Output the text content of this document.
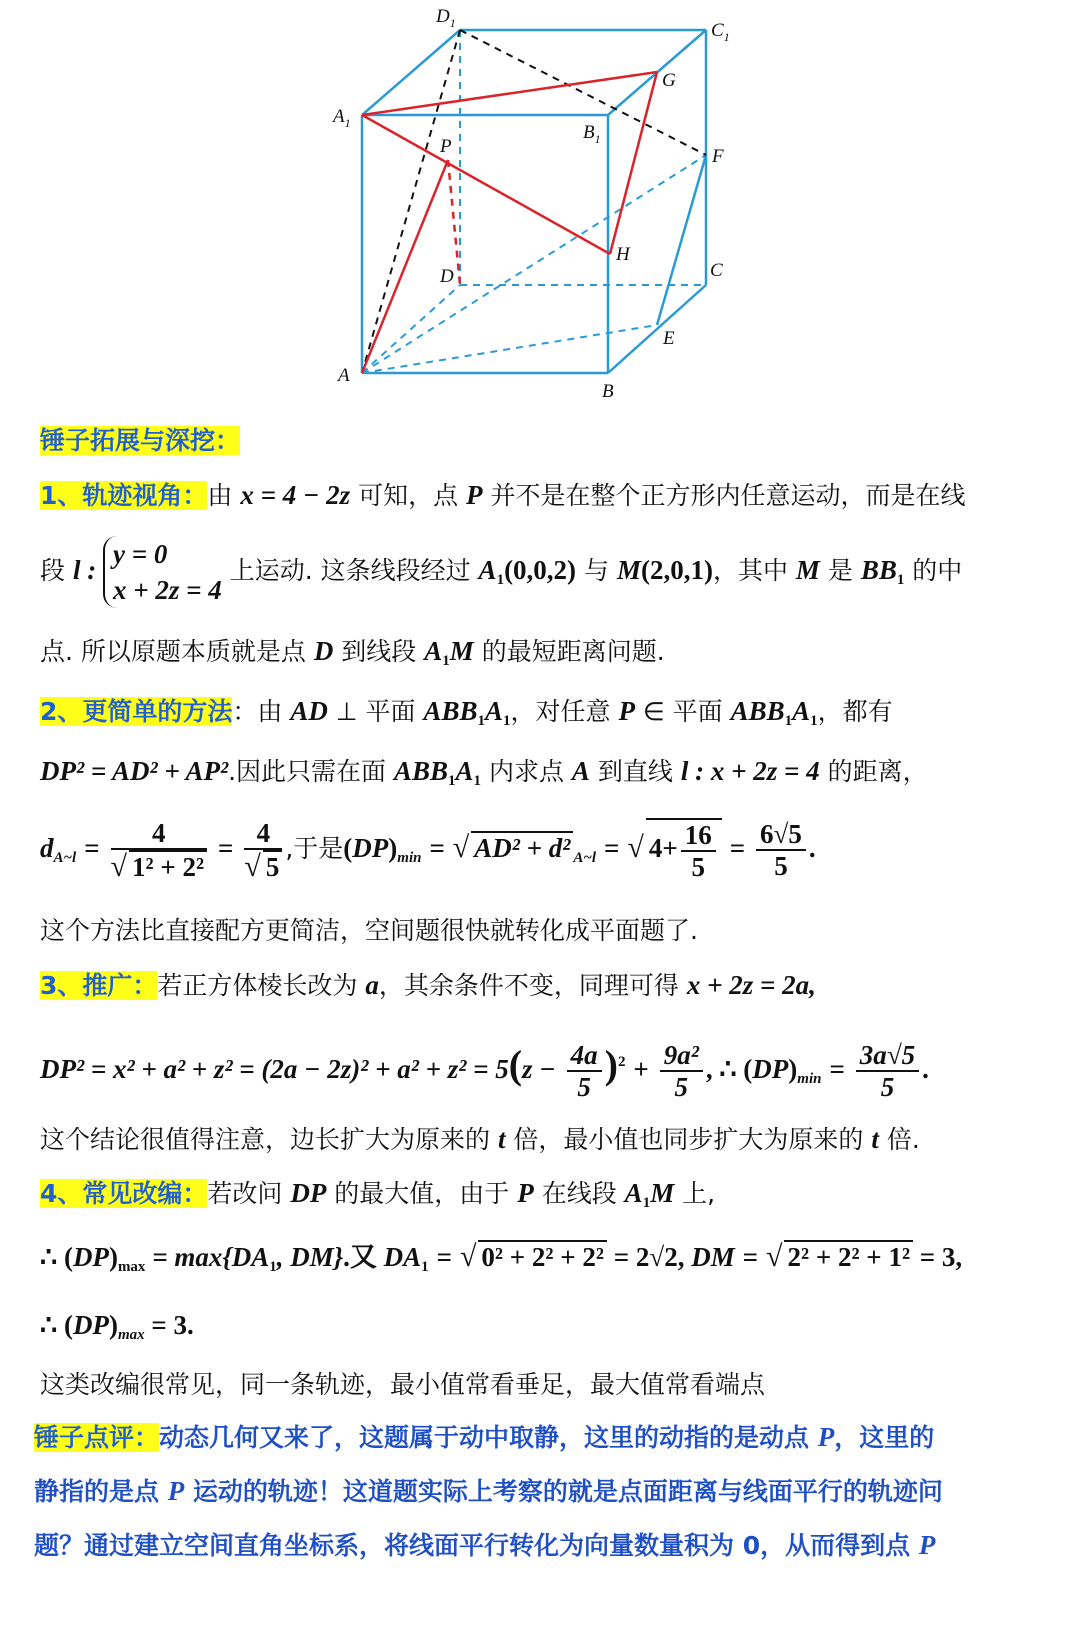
$D_1$	$C_1$
$A_1$	$B_1$
G
F
P
H
D	C
E
A
B
锤子拓展与深挖：
1、轨迹视角：由 x = 4 − 2z 可知，点 P 并不是在整个正方形内任意运动，而是在线
段 l :
y = 0
x + 2z = 4
上运动. 这条线段经过 $A_1(0,0,2)$ 与 M(2,0,1)，其中 M 是 $BB_1$ 的中
点. 所以原题本质就是点 D 到线段 $A_1M$ 的最短距离问题.
2、更简单的方法：由 AD ⊥ 平面 $ABB_1A_1$，对任意 P ∈ 平面 $ABB_1A_1$，都有
DP² = AD² + AP².因此只需在面 $ABB_1A_1$ 内求点 A 到直线 l : x + 2z = 4 的距离，
$d_{A\sim l} = \frac{4}{\text{√ 1² + 2²}} = \frac{4}{√ 5}$ ,于是$(DP)_{min}$ = √ AD² + d² $_{A\sim l}$ = √ $4+ \frac{16}{5} = \frac{6√5}{5}$ .
这个方法比直接配方更简洁，空间题很快就转化成平面题了.
3、推广：若正方体棱长改为 a，其余条件不变，同理可得 x + 2z = 2a,
$DP^2 = x^2 + a^2 + z^2 = (2a - 2z)^2 + a^2 + z^2 = 5(z - \frac{4a}{5} )^2 + \frac{\text{9a²}}{5}$ , ∴ $(DP)_{min} = \frac{3a√5}{5}$ .
这个结论很值得注意，边长扩大为原来的 t 倍，最小值也同步扩大为原来的 t 倍.
4、常见改编：若改问 DP 的最大值，由于 P 在线段 $A_1M$ 上,
∴ $(DP)_{max} = \max\{DA_1$, DM}.又 $DA_1$ = √ 0² + 2² + 2² = 2√2, DM = √ 2² + 2² + 1² = 3,
∴ $(DP)_{max} = 3$.
这类改编很常见，同一条轨迹，最小值常看垂足，最大值常看端点
锤子点评：动态几何又来了，这题属于动中取静，这里的动指的是动点 P，这里的
静指的是点 P 运动的轨迹！这道题实际上考察的就是点面距离与线面平行的轨迹问
题？通过建立空间直角坐标系，将线面平行转化为向量数量积为 0，从而得到点 P
